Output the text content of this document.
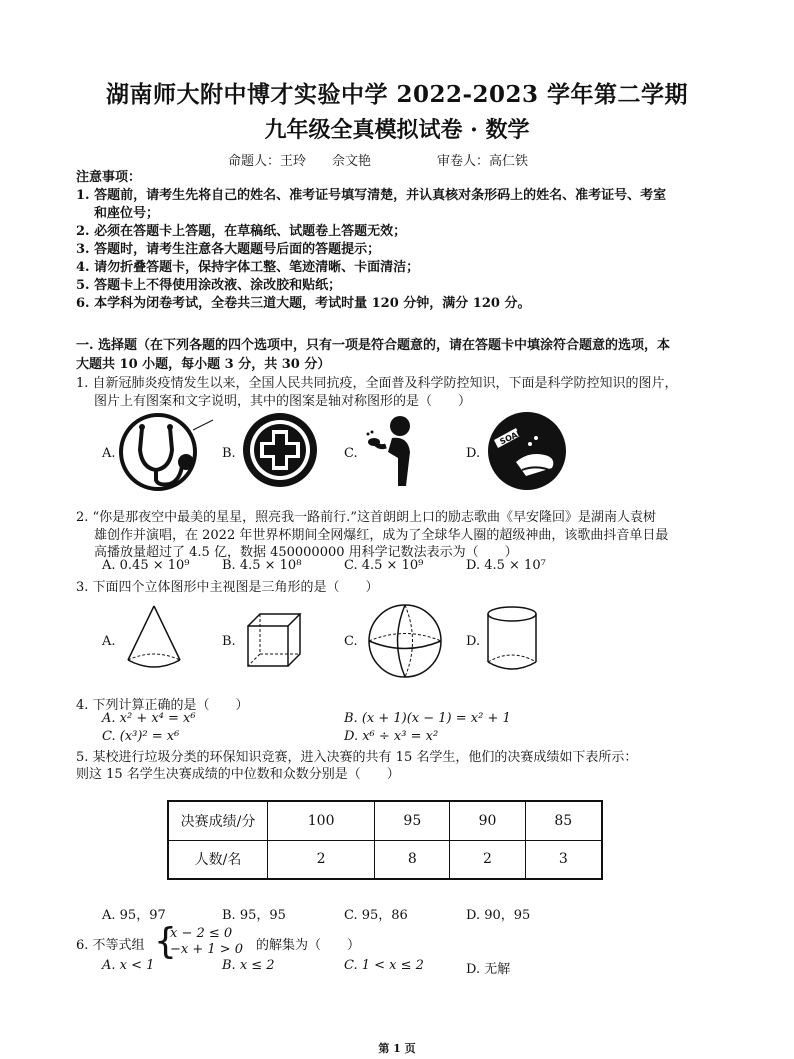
湖南师大附中博才实验中学 2022-2023 学年第二学期
九年级全真模拟试卷 · 数学
命题人：王玲　　佘文艳	审卷人：高仁铁
注意事项：
1. 答题前，请考生先将自己的姓名、准考证号填写清楚，并认真核对条形码上的姓名、准考证号、考室
和座位号；
2. 必须在答题卡上答题，在草稿纸、试题卷上答题无效；
3. 答题时，请考生注意各大题题号后面的答题提示；
4. 请勿折叠答题卡，保持字体工整、笔迹清晰、卡面清洁；
5. 答题卡上不得使用涂改液、涂改胶和贴纸；
6. 本学科为闭卷考试，全卷共三道大题，考试时量 120 分钟，满分 120 分。
一. 选择题（在下列各题的四个选项中，只有一项是符合题意的，请在答题卡中填涂符合题意的选项，本
大题共 10 小题，每小题 3 分，共 30 分）
1. 自新冠肺炎疫情发生以来，全国人民共同抗疫，全面普及科学防控知识，下面是科学防控知识的图片，
图片上有图案和文字说明，其中的图案是轴对称图形的是（　　）
A.	B.	C.	D.
SOAP
2. “你是那夜空中最美的星星，照亮我一路前行.”这首朗朗上口的励志歌曲《早安隆回》是湖南人袁树
雄创作并演唱，在 2022 年世界杯期间全网爆红，成为了全球华人圈的超级神曲，该歌曲抖音单日最
高播放量超过了 4.5 亿，数据 450000000 用科学记数法表示为（　　）
A. 0.45 × 10⁹ B. 4.5 × 10⁸	C. 4.5 × 10⁹	D. 4.5 × 10⁷
3. 下面四个立体图形中主视图是三角形的是（　　）
A.	B.	C.	D.
4. 下列计算正确的是（　　）
A. x² + x⁴ = x⁶	B. (x + 1)(x − 1) = x² + 1
C. (x³)² = x⁶	D. x⁶ ÷ x³ = x²
5. 某校进行垃圾分类的环保知识竞赛，进入决赛的共有 15 名学生，他们的决赛成绩如下表所示：
则这 15 名学生决赛成绩的中位数和众数分别是（　　）
决赛成绩/分	100	95	90	85
人数/名	2	8	2	3
A. 95，97	B. 95，95	C. 95，86	D. 90，95
6. 不等式组 {
x − 2 ≤ 0
−x + 1 > 0 的解集为（　　）
A. x < 1	B. x ≤ 2	C. 1 < x ≤ 2	D. 无解
第 1 页
